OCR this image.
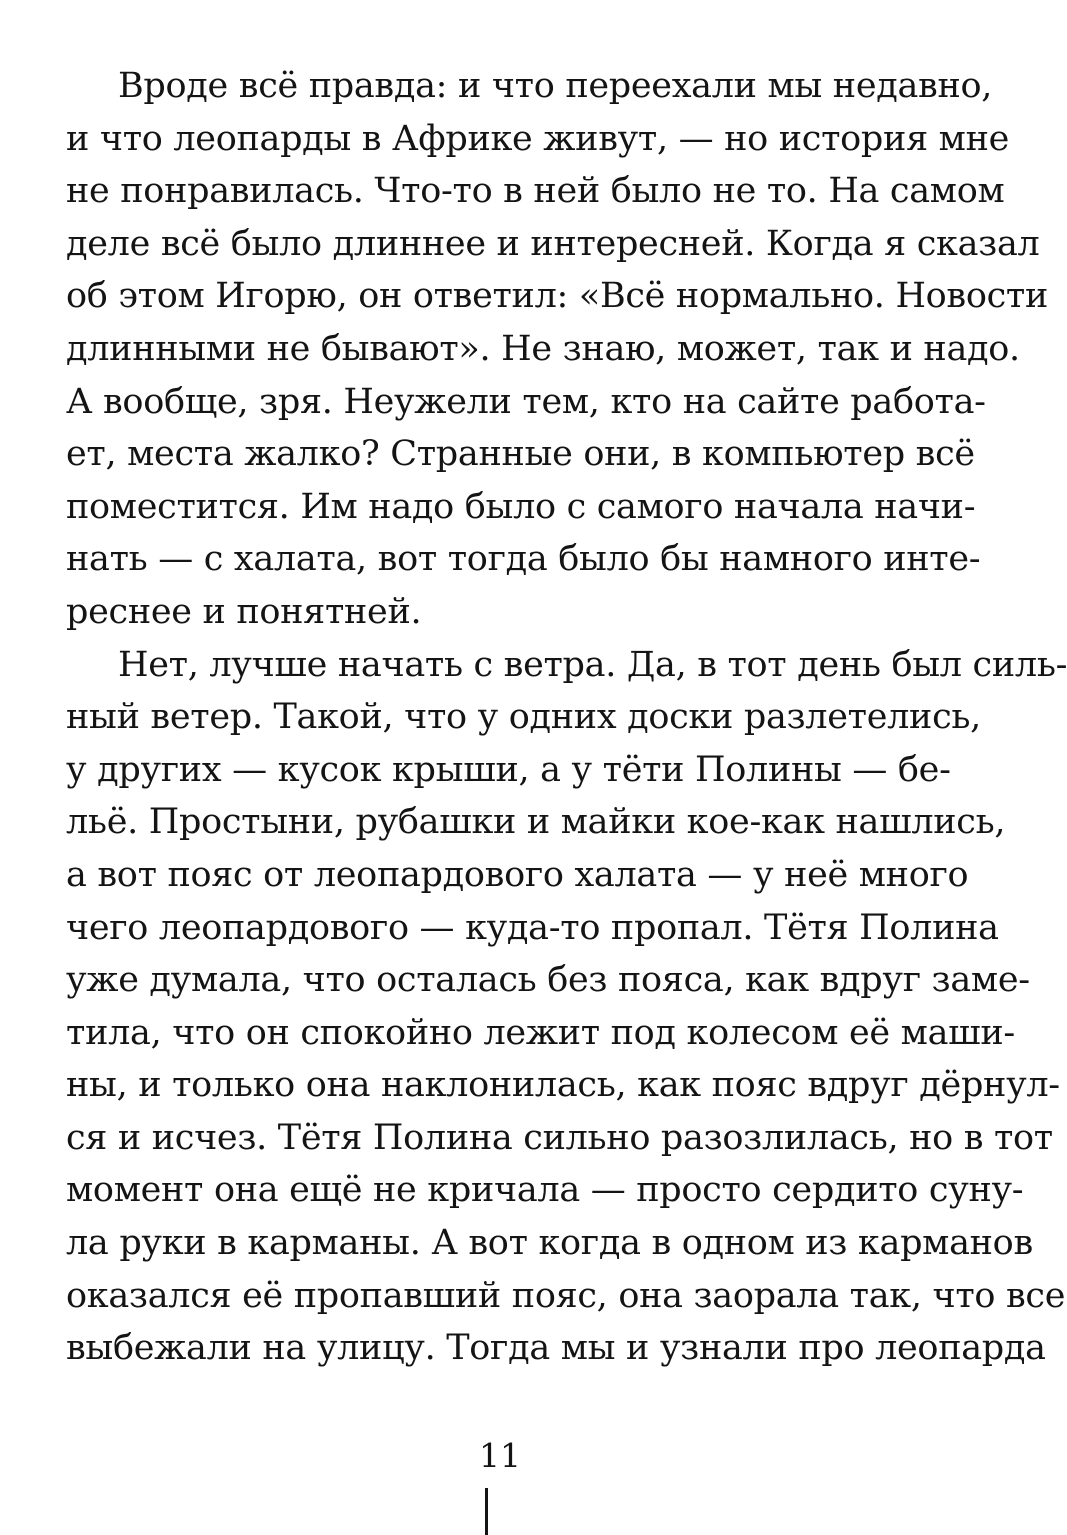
Вроде всё правда: и что переехали мы недавно,
и что леопарды в Африке живут, — но история мне
не понравилась. Что-то в ней было не то. На самом
деле всё было длиннее и интересней. Когда я сказал
об этом Игорю, он ответил: «Всё нормально. Новости
длинными не бывают». Не знаю, может, так и надо.
А вообще, зря. Неужели тем, кто на сайте работа-
ет, места жалко? Странные они, в компьютер всё
поместится. Им надо было с самого начала начи-
нать — с халата, вот тогда было бы намного инте-
реснее и понятней.
Нет, лучше начать с ветра. Да, в тот день был силь-
ный ветер. Такой, что у одних доски разлетелись,
у других — кусок крыши, а у тёти Полины — бе-
льё. Простыни, рубашки и майки кое-как нашлись,
а вот пояс от леопардового халата — у неё много
чего леопардового — куда-то пропал. Тётя Полина
уже думала, что осталась без пояса, как вдруг заме-
тила, что он спокойно лежит под колесом её маши-
ны, и только она наклонилась, как пояс вдруг дёрнул-
ся и исчез. Тётя Полина сильно разозлилась, но в тот
момент она ещё не кричала — просто сердито суну-
ла руки в карманы. А вот когда в одном из карманов
оказался её пропавший пояс, она заорала так, что все
выбежали на улицу. Тогда мы и узнали про леопарда
11
